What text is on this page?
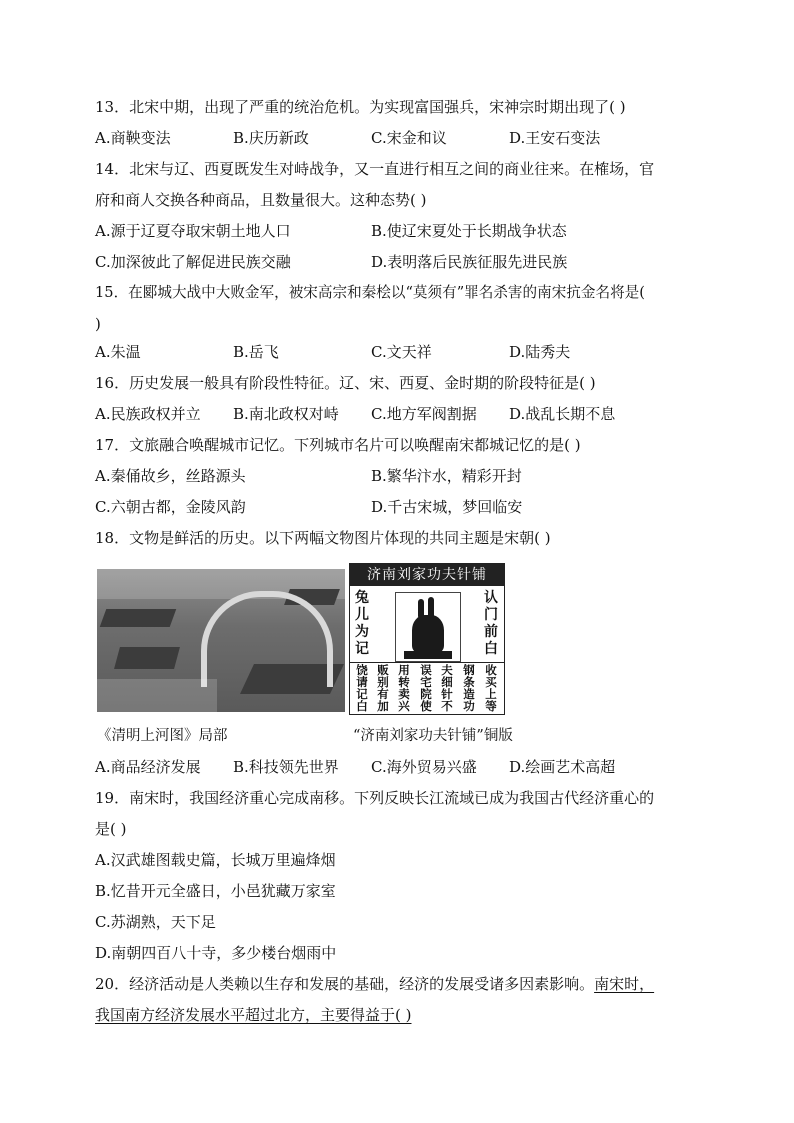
13．北宋中期，出现了严重的统治危机。为实现富国强兵，宋神宗时期出现了( )
A.商鞅变法	B.庆历新政	C.宋金和议	D.王安石变法
14．北宋与辽、西夏既发生对峙战争，又一直进行相互之间的商业往来。在榷场，官
府和商人交换各种商品，且数量很大。这种态势( )
A.源于辽夏夺取宋朝土地人口	B.使辽宋夏处于长期战争状态
C.加深彼此了解促进民族交融	D.表明落后民族征服先进民族
15．在郾城大战中大败金军，被宋高宗和秦桧以“莫须有”罪名杀害的南宋抗金名将是(
)
A.朱温	B.岳飞	C.文天祥	D.陆秀夫
16．历史发展一般具有阶段性特征。辽、宋、西夏、金时期的阶段特征是( )
A.民族政权并立 B.南北政权对峙 C.地方军阀割据 D.战乱长期不息
17．文旅融合唤醒城市记忆。下列城市名片可以唤醒南宋都城记忆的是( )
A.秦俑故乡，丝路源头	B.繁华汴水，精彩开封
C.六朝古都，金陵风韵	D.千古宋城，梦回临安
18．文物是鲜活的历史。以下两幅文物图片体现的共同主题是宋朝( )
济南刘家功夫针铺
兔儿为记
认门前白
饶请记白
贩别有加
用转卖兴
误宅院使
夫细针不
钢条造功
收买上等
《清明上河图》局部	“济南刘家功夫针铺”铜版
A.商品经济发展 B.科技领先世界 C.海外贸易兴盛 D.绘画艺术高超
19．南宋时，我国经济重心完成南移。下列反映长江流域已成为我国古代经济重心的
是( )
A.汉武雄图载史篇，长城万里遍烽烟
B.忆昔开元全盛日，小邑犹藏万家室
C.苏湖熟，天下足
D.南朝四百八十寺，多少楼台烟雨中
20．经济活动是人类赖以生存和发展的基础，经济的发展受诸多因素影响。南宋时，
我国南方经济发展水平超过北方，主要得益于( )
